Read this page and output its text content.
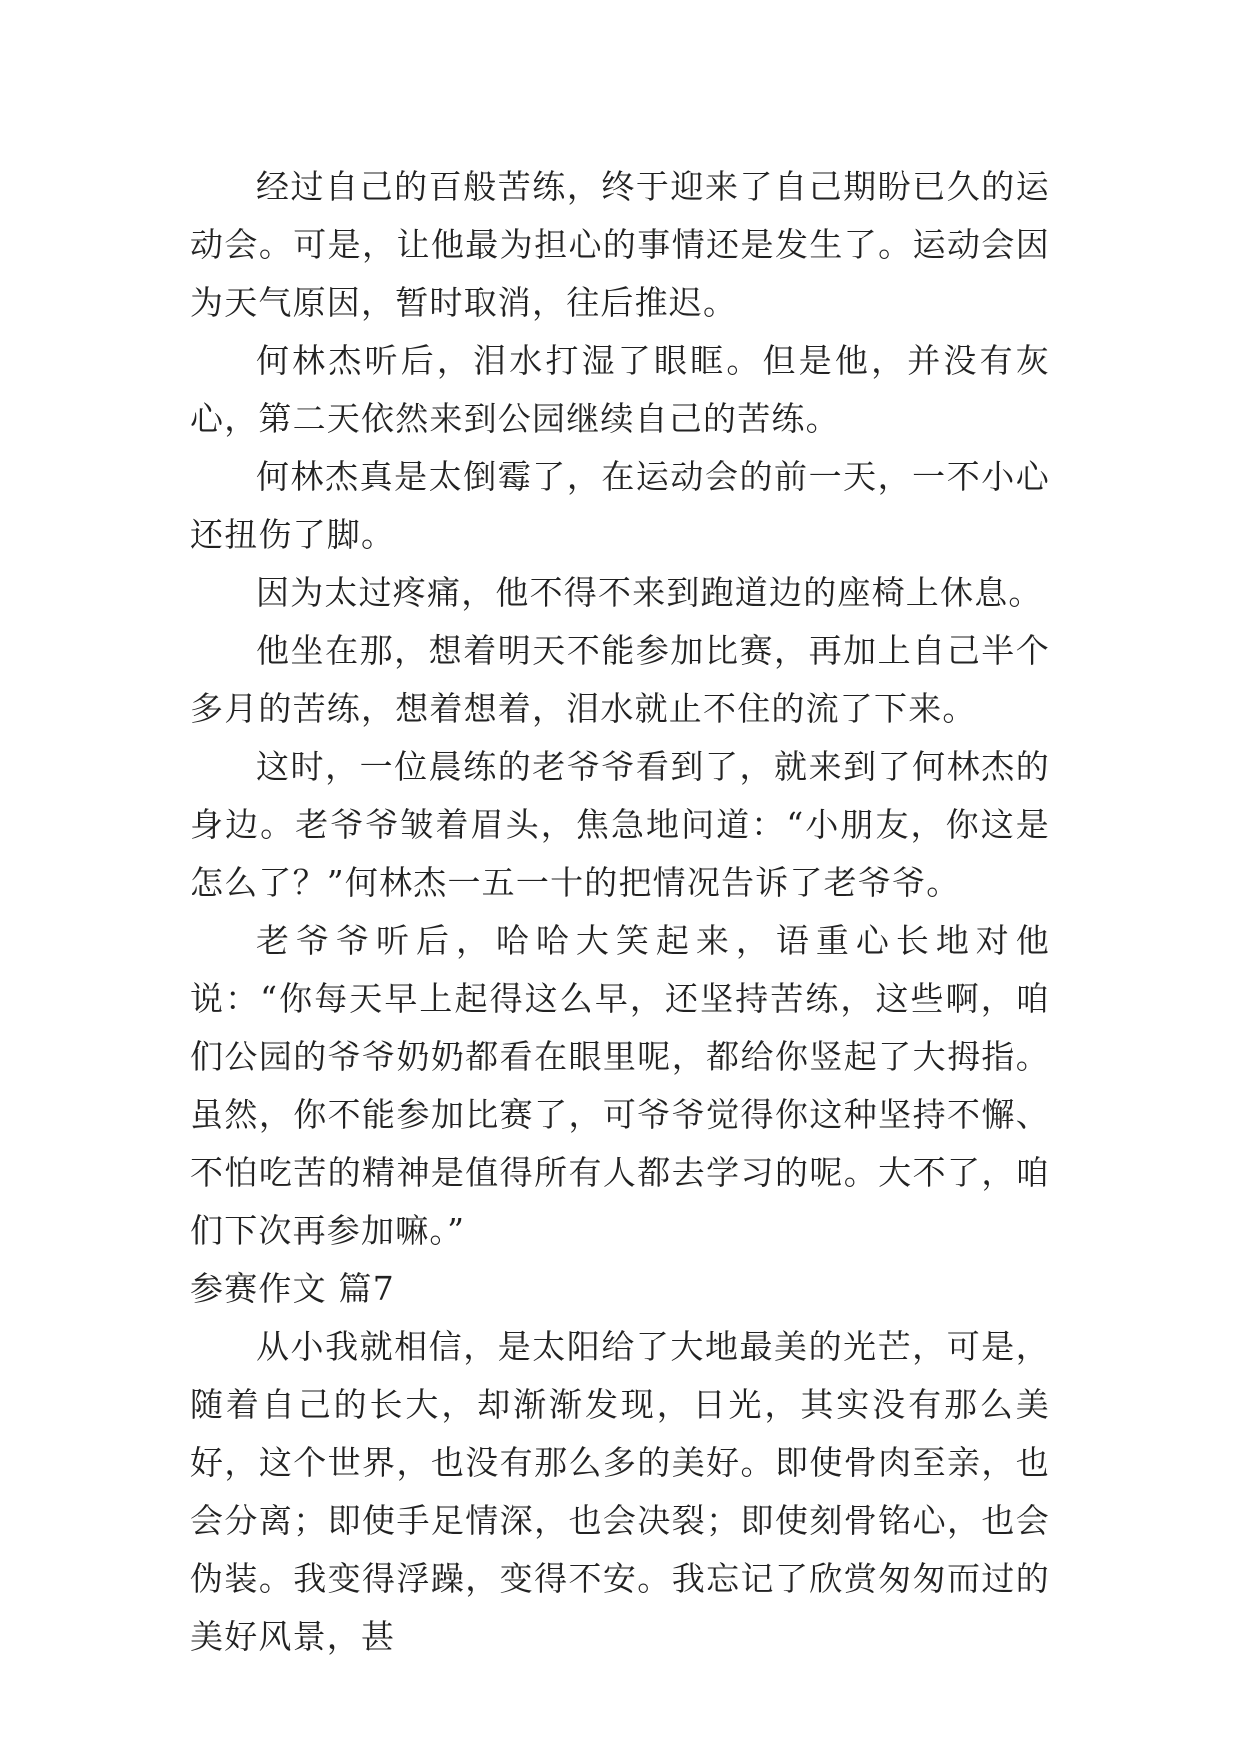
经过自己的百般苦练，终于迎来了自己期盼已久的运动会。可是，让他最为担心的事情还是发生了。运动会因为天气原因，暂时取消，往后推迟。

何林杰听后，泪水打湿了眼眶。但是他，并没有灰心，第二天依然来到公园继续自己的苦练。

何林杰真是太倒霉了，在运动会的前一天，一不小心还扭伤了脚。

因为太过疼痛，他不得不来到跑道边的座椅上休息。

他坐在那，想着明天不能参加比赛，再加上自己半个多月的苦练，想着想着，泪水就止不住的流了下来。

这时，一位晨练的老爷爷看到了，就来到了何林杰的身边。老爷爷皱着眉头，焦急地问道：“小朋友，你这是怎么了？”何林杰一五一十的把情况告诉了老爷爷。

老爷爷听后，哈哈大笑起来，语重心长地对他说：“你每天早上起得这么早，还坚持苦练，这些啊，咱们公园的爷爷奶奶都看在眼里呢，都给你竖起了大拇指。虽然，你不能参加比赛了，可爷爷觉得你这种坚持不懈、不怕吃苦的精神是值得所有人都去学习的呢。大不了，咱们下次再参加嘛。”

参赛作文 篇7

从小我就相信，是太阳给了大地最美的光芒，可是，随着自己的长大，却渐渐发现，日光，其实没有那么美好，这个世界，也没有那么多的美好。即使骨肉至亲，也会分离；即使手足情深，也会决裂；即使刻骨铭心，也会伪装。我变得浮躁，变得不安。我忘记了欣赏匆匆而过的美好风景，甚
